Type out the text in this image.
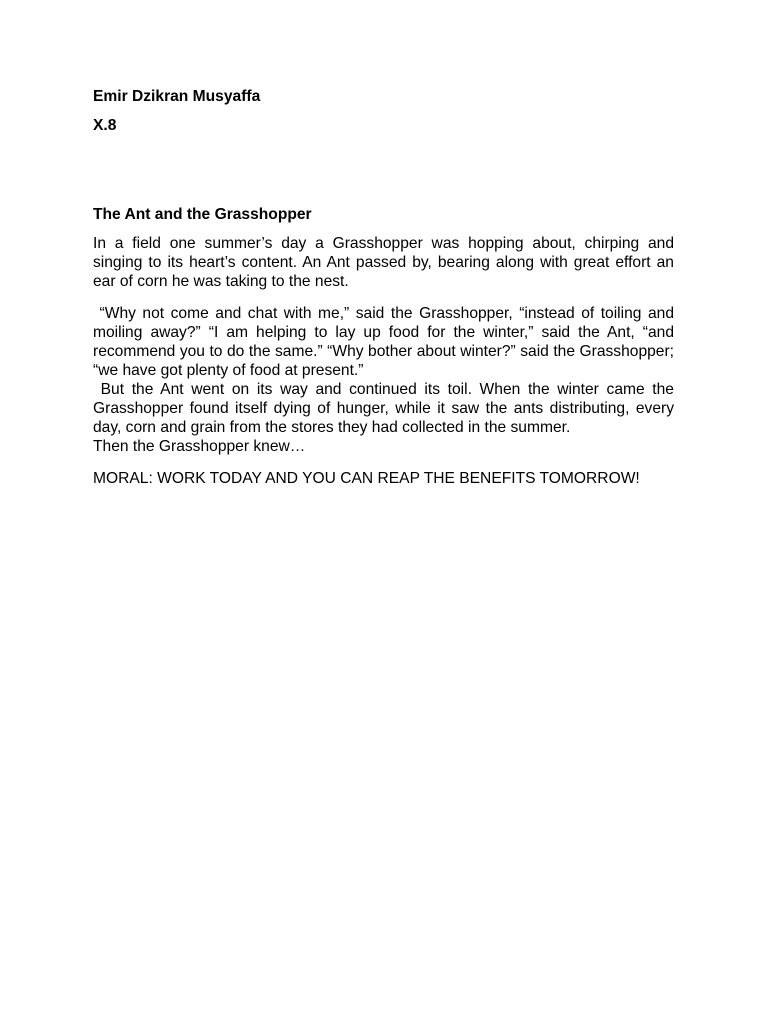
Emir Dzikran Musyaffa

X.8

The Ant and the Grasshopper

In a field one summer’s day a Grasshopper was hopping about, chirping and singing to its heart’s content. An Ant passed by, bearing along with great effort an ear of corn he was taking to the nest.

“Why not come and chat with me,” said the Grasshopper, “instead of toiling and moiling away?” “I am helping to lay up food for the winter,” said the Ant, “and recommend you to do the same.” “Why bother about winter?” said the Grasshopper; “we have got plenty of food at present.”

But the Ant went on its way and continued its toil. When the winter came the Grasshopper found itself dying of hunger, while it saw the ants distributing, every day, corn and grain from the stores they had collected in the summer.

Then the Grasshopper knew…

MORAL: WORK TODAY AND YOU CAN REAP THE BENEFITS TOMORROW!
